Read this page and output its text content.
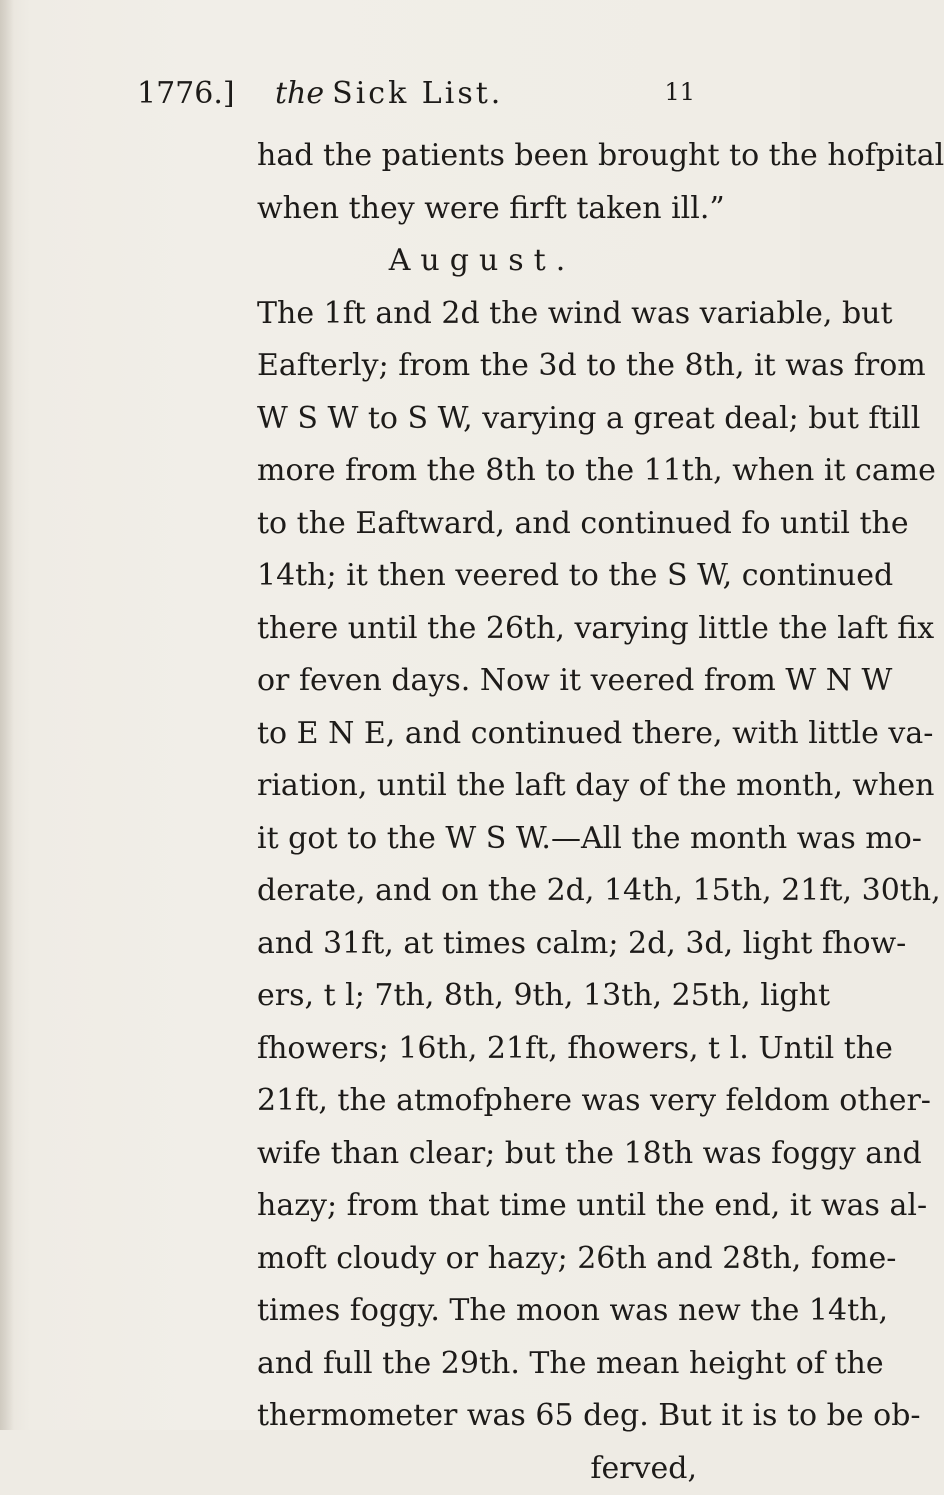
1776.] the Sick List.	11
had the patients been brought to the hofpital
when they were firft taken ill.”
August.
The 1ft and 2d the wind was variable, but
Eafterly; from the 3d to the 8th, it was from
W S W to S W, varying a great deal; but ftill
more from the 8th to the 11th, when it came
to the Eaftward, and continued fo until the
14th; it then veered to the S W, continued
there until the 26th, varying little the laft fix
or feven days. Now it veered from W N W
to E N E, and continued there, with little va-
riation, until the laft day of the month, when
it got to the W S W.—All the month was mo-
derate, and on the 2d, 14th, 15th, 21ft, 30th,
and 31ft, at times calm; 2d, 3d, light fhow-
ers, t l; 7th, 8th, 9th, 13th, 25th, light
fhowers; 16th, 21ft, fhowers, t l. Until the
21ft, the atmofphere was very feldom other-
wife than clear; but the 18th was foggy and
hazy; from that time until the end, it was al-
moft cloudy or hazy; 26th and 28th, fome-
times foggy. The moon was new the 14th,
and full the 29th. The mean height of the
thermometer was 65 deg. But it is to be ob-
ferved,
